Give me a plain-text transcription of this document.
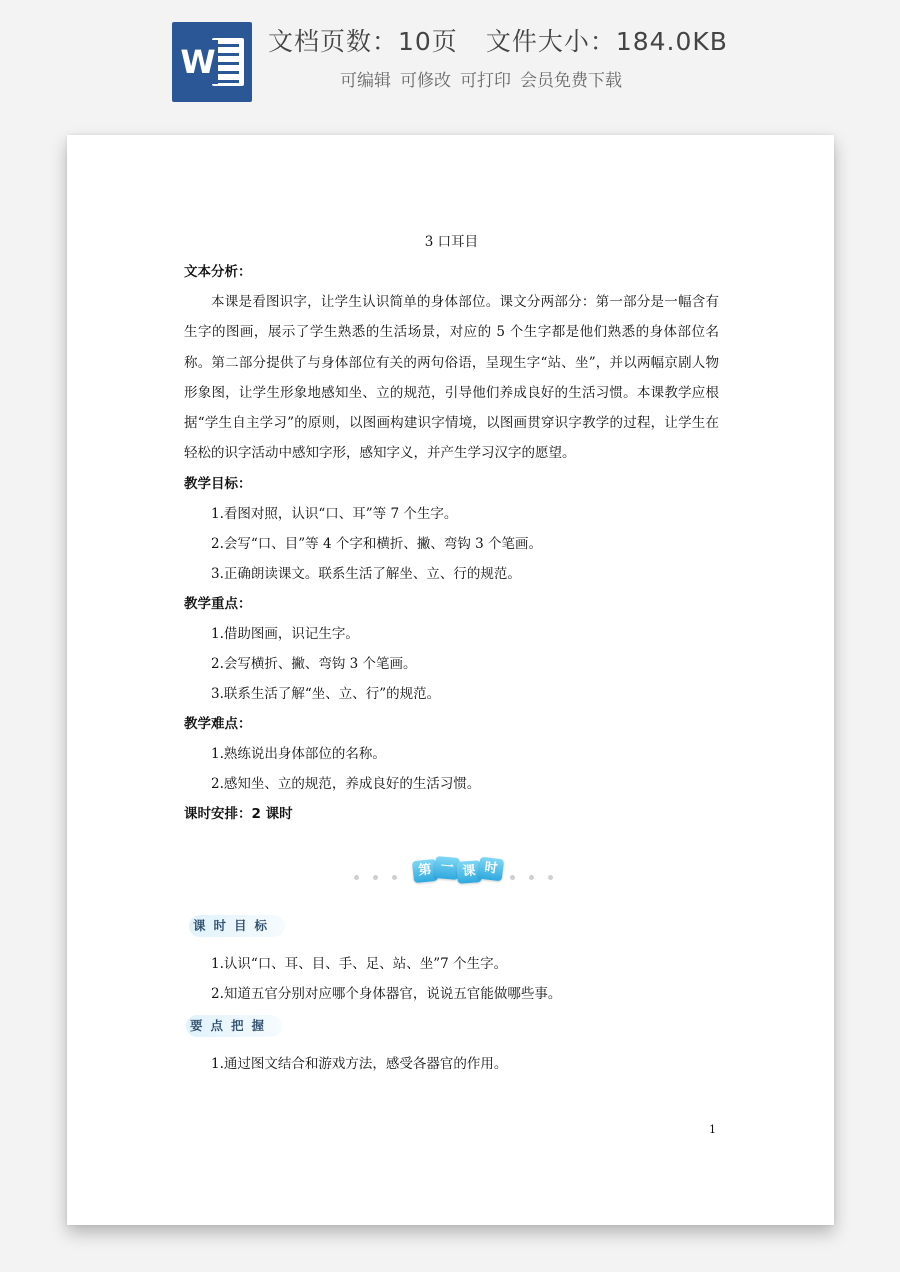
W
文档页数：10页 文件大小：184.0KB
可编辑 可修改 可打印 会员免费下载
3 口耳目
文本分析：
本课是看图识字，让学生认识简单的身体部位。课文分两部分：第一部分是一幅含有生字的图画，展示了学生熟悉的生活场景，对应的 5 个生字都是他们熟悉的身体部位名称。第二部分提供了与身体部位有关的两句俗语，呈现生字“站、坐”，并以两幅京剧人物形象图，让学生形象地感知坐、立的规范，引导他们养成良好的生活习惯。本课教学应根据“学生自主学习”的原则，以图画构建识字情境，以图画贯穿识字教学的过程，让学生在轻松的识字活动中感知字形，感知字义，并产生学习汉字的愿望。
教学目标：
1.看图对照，认识“口、耳”等 7 个生字。
2.会写“口、目”等 4 个字和横折、撇、弯钩 3 个笔画。
3.正确朗读课文。联系生活了解坐、立、行的规范。
教学重点：
1.借助图画，识记生字。
2.会写横折、撇、弯钩 3 个笔画。
3.联系生活了解“坐、立、行”的规范。
教学难点：
1.熟练说出身体部位的名称。
2.感知坐、立的规范，养成良好的生活习惯。
课时安排：2 课时
第 一 课 时
课时目标
1.认识“口、耳、目、手、足、站、坐”7 个生字。
2.知道五官分别对应哪个身体器官，说说五官能做哪些事。
要点把握
1.通过图文结合和游戏方法，感受各器官的作用。
1
